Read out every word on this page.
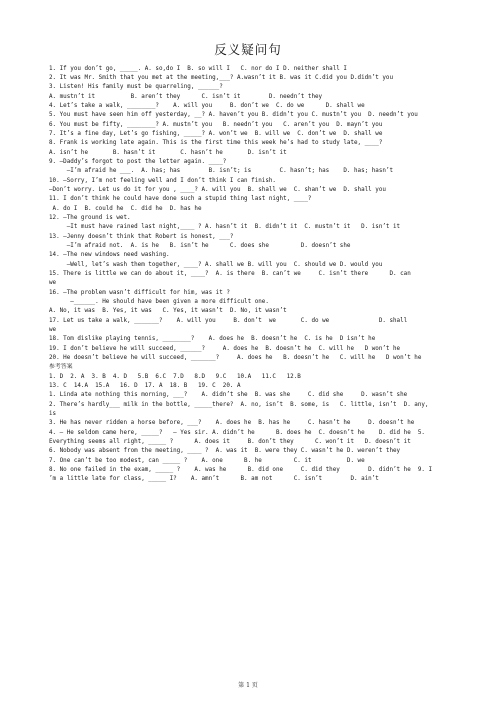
反义疑问句
1. If you don’t go, _____. A. so,do I  B. so will I   C. nor do I D. neither shall I
2. It was Mr. Smith that you met at the meeting,___? A.wasn’t it B. was it C.did you D.didn’t you
3. Listen! His family must be quarreling, ______?
A. mustn’t it          B. aren’t they      C. isn’t it        D. needn’t they
4. Let’s take a walk, ________?    A. will you     B. don’t we  C. do we      D. shall we
5. You must have seen him off yesterday, __? A. haven’t you B. didn’t you C. mustn’t you  D. needn’t you
6. You must be fifty, ________? A. mustn’t you   B. needn’t you   C. aren’t you  D. mayn’t you
7. It’s a fine day, Let’s go fishing, _____? A. won’t we  B. will we  C. don’t we  D. shall we
8. Frank is working late again. This is the first time this week he’s had to study late, ____?
A. isn’t he       B. hasn’t it       C. hasn’t he       D. isn’t it
9. —Daddy’s forgot to post the letter again. ____?
—I’m afraid he ___.  A. has; has        B. isn’t; is        C. hasn’t; has    D. has; hasn’t
10. —Sorry, I’m not feeling well and I don’t think I can finish.
—Don’t worry. Let us do it for you , ____? A. will you  B. shall we  C. shan’t we  D. shall you
11. I don’t think he could have done such a stupid thing last night, ____?
A. do I  B. could he  C. did he  D. has he
12. —The ground is wet.
—It must have rained last night,____ ? A. hasn’t it  B. didn’t it  C. mustn’t it   D. isn’t it
13. —Jenny doesn’t think that Robert is honest, ___?
—I’m afraid not.  A. is he   B. isn’t he      C. does she         D. doesn’t she
14. —The new windows need washing.
—Well, let’s wash them together, ____? A. shall we B. will you  C. should we D. would you
15. There is little we can do about it, ____?  A. is there  B. can’t we     C. isn’t there      D. can
we
16. —The problem wasn’t difficult for him, was it ?
—______. He should have been given a more difficult one.
A. No, it was  B. Yes, it was   C. Yes, it wasn’t  D. No, it wasn’t
17. Let us take a walk, _______?    A. will you     B. don’t  we       C. do we              D. shall
we
18. Tom dislike playing tennis, ________?    A. does he  B. doesn’t he  C. is he  D isn’t he
19. I don’t believe he will succeed, ______?     A. does he  B. doesn’t he  C. will he   D won’t he
20. He doesn’t believe he will succeed, _______?     A. does he   B. doesn’t he   C. will he   D won’t he
参考答案
1. D  2. A  3. B  4. D   5.B  6.C  7.D   8.D   9.C   10.A   11.C   12.B
13. C  14.A  15.A   16. D  17. A  18. B   19. C  20. A
1. Linda ate nothing this morning, ___?    A. didn’t she  B. was she     C. did she     D. wasn’t she
2. There’s hardly___ milk in the bottle, _____there?  A. no, isn’t  B. some, is   C. little, isn’t  D. any,
is
3. He has never ridden a horse before, ___?    A. does he  B. has he     C. hasn’t he     D. doesn’t he
4. — He seldom came here, _____?   — Yes sir. A. didn’t he      B. does he  C. doesn’t he    D. did he  5.
Everything seems all right, _____ ?      A. does it     B. don’t they      C. won’t it   D. doesn’t it
6. Nobody was absent from the meeting, ____ ?  A. was it  B. were they C. wasn’t he D. weren’t they
7. One can’t be too modest, can _____ ?    A. one      B. he         C. it          D. we
8. No one failed in the exam, _____ ?    A. was he      B. did one     C. did they        D. didn’t he  9. I
’m a little late for class, _____ I?    A. amn’t      B. am not      C. isn’t        D. ain’t
第 1 页
